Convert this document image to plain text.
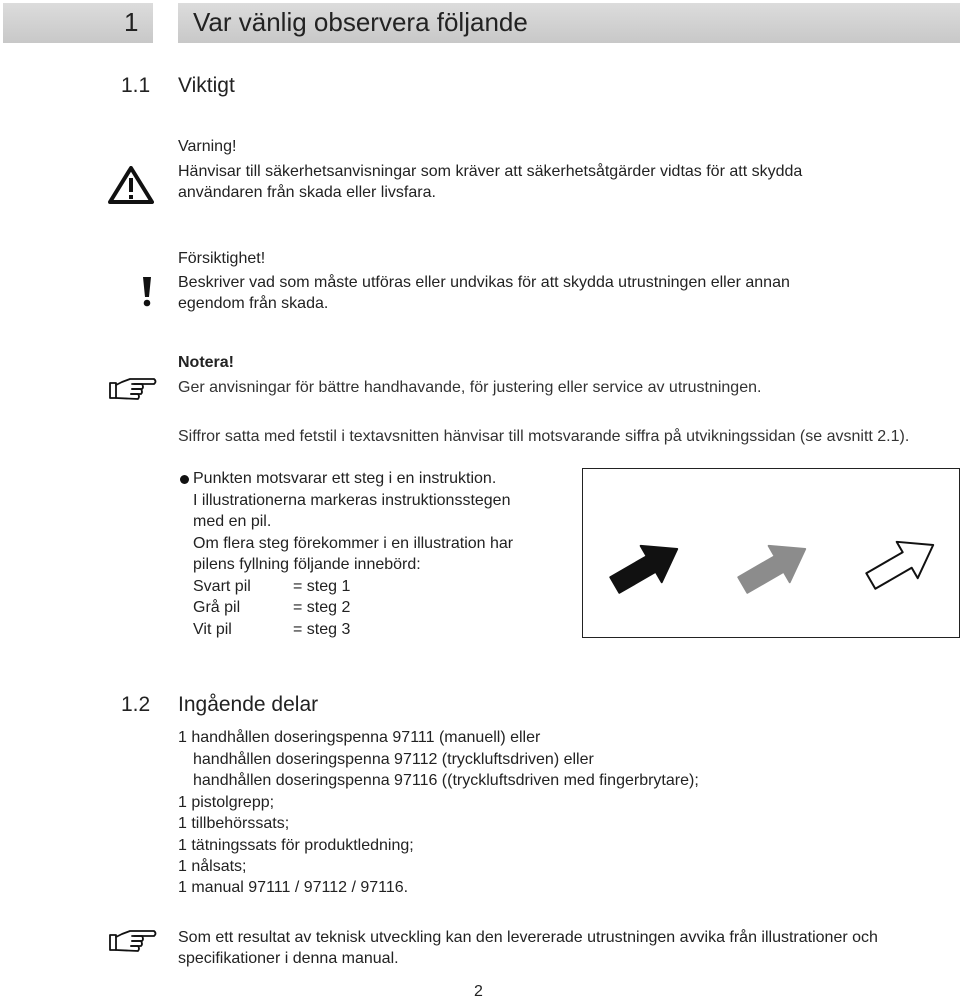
1 Var vänlig observera följande
1.1 Viktigt
Varning!
Hänvisar till säkerhetsanvisningar som kräver att säkerhetsåtgärder vidtas för att skydda
användaren från skada eller livsfara.
Försiktighet!
Beskriver vad som måste utföras eller undvikas för att skydda utrustningen eller annan
egendom från skada.
Notera!
Ger anvisningar för bättre handhavande, för justering eller service av utrustningen.
Siffror satta med fetstil i textavsnitten hänvisar till motsvarande siffra på utvikningssidan (se avsnitt 2.1).
Punkten motsvarar ett steg i en instruktion.
I illustrationerna markeras instruktionsstegen
med en pil.
Om flera steg förekommer i en illustration har
pilens fyllning följande innebörd:
Svart pil	= steg 1
Grå pil	= steg 2
Vit pil	= steg 3
1.2 Ingående delar
1 handhållen doseringspenna 97111 (manuell) eller
handhållen doseringspenna 97112 (tryckluftsdriven) eller
handhållen doseringspenna 97116 ((tryckluftsdriven med fingerbrytare);
1 pistolgrepp;
1 tillbehörssats;
1 tätningssats för produktledning;
1 nålsats;
1 manual 97111 / 97112 / 97116.
Som ett resultat av teknisk utveckling kan den levererade utrustningen avvika från illustrationer och
specifikationer i denna manual.
2
